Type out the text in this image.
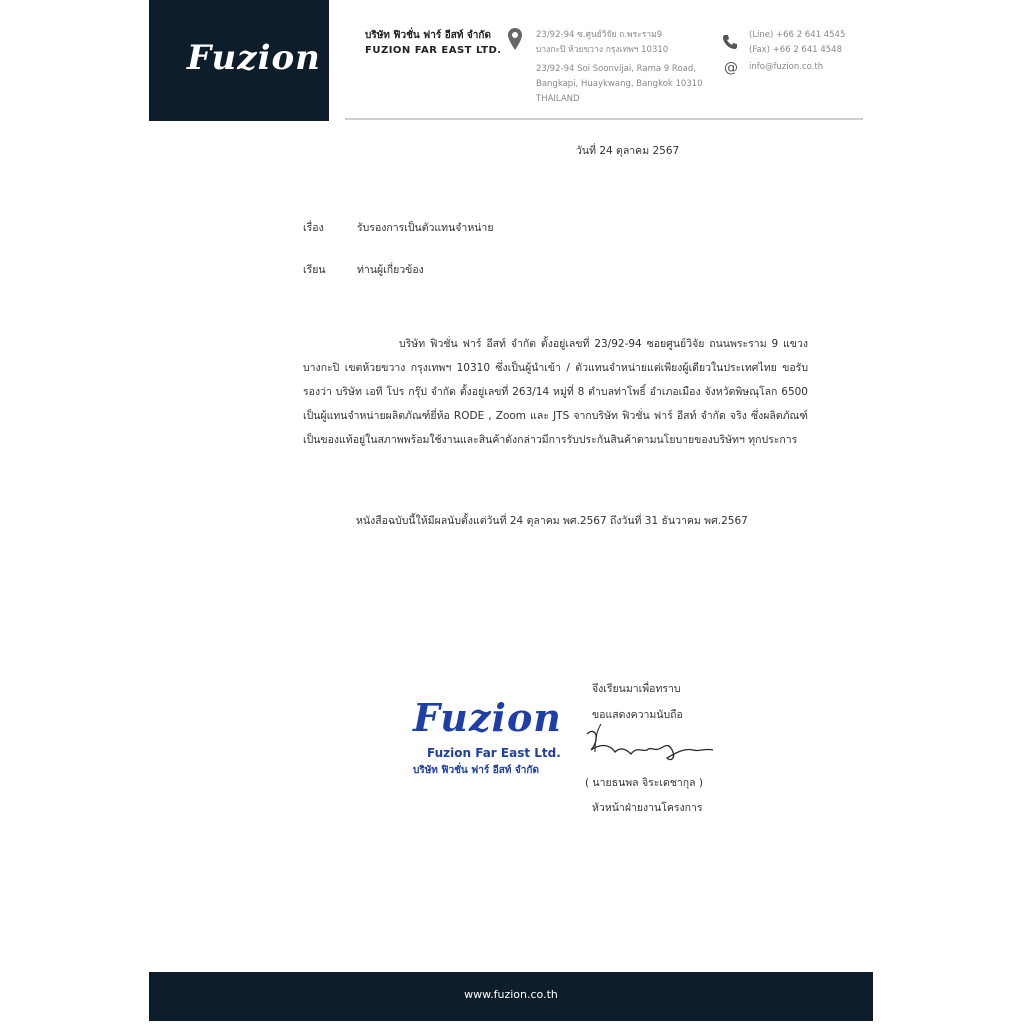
Fuzion
บริษัท ฟิวชั่น ฟาร์ อีสท์ จำกัด
FUZION FAR EAST LTD.
23/92-94 ซ.ศูนย์วิจัย ถ.พระราม9
บางกะปิ ห้วยขวาง กรุงเทพฯ 10310
23/92-94 Soi Soonvijai, Rama 9 Road,
Bangkapi, Huaykwang, Bangkok 10310
THAILAND
@
(Line) +66 2 641 4545
(Fax) +66 2 641 4548
info@fuzion.co.th
วันที่ 24 ตุลาคม 2567
เรื่อง	รับรองการเป็นตัวแทนจำหน่าย
เรียน	ท่านผู้เกี่ยวข้อง
บริษัท ฟิวชั่น ฟาร์ อีสท์ จำกัด ตั้งอยู่เลขที่ 23/92-94 ซอยศูนย์วิจัย ถนนพระราม 9 แขวงบางกะปิ เขตห้วยขวาง กรุงเทพฯ 10310 ซึ่งเป็นผู้นำเข้า / ตัวแทนจำหน่ายแต่เพียงผู้เดียวในประเทศไทย ขอรับรองว่า บริษัท เอที โปร กรุ๊ป จำกัด ตั้งอยู่เลขที่ 263/14 หมู่ที่ 8 ตำบลท่าโพธิ์ อำเภอเมือง จังหวัดพิษณุโลก 6500 เป็นผู้แทนจำหน่ายผลิตภัณฑ์ยี่ห้อ RODE , Zoom และ JTS จากบริษัท ฟิวชั่น ฟาร์ อีสท์ จำกัด จริง ซึ่งผลิตภัณฑ์เป็นของแท้อยู่ในสภาพพร้อมใช้งานและสินค้าดังกล่าวมีการรับประกันสินค้าตามนโยบายของบริษัทฯ ทุกประการ
หนังสือฉบับนี้ให้มีผลนับตั้งแต่วันที่ 24 ตุลาคม พศ.2567 ถึงวันที่ 31 ธันวาคม พศ.2567
Fuzion
Fuzion Far East Ltd.
บริษัท ฟิวชั่น ฟาร์ อีสท์ จำกัด
จึงเรียนมาเพื่อทราบ
ขอแสดงความนับถือ
( นายธนพล จิระเดชากุล )
หัวหน้าฝ่ายงานโครงการ
www.fuzion.co.th
